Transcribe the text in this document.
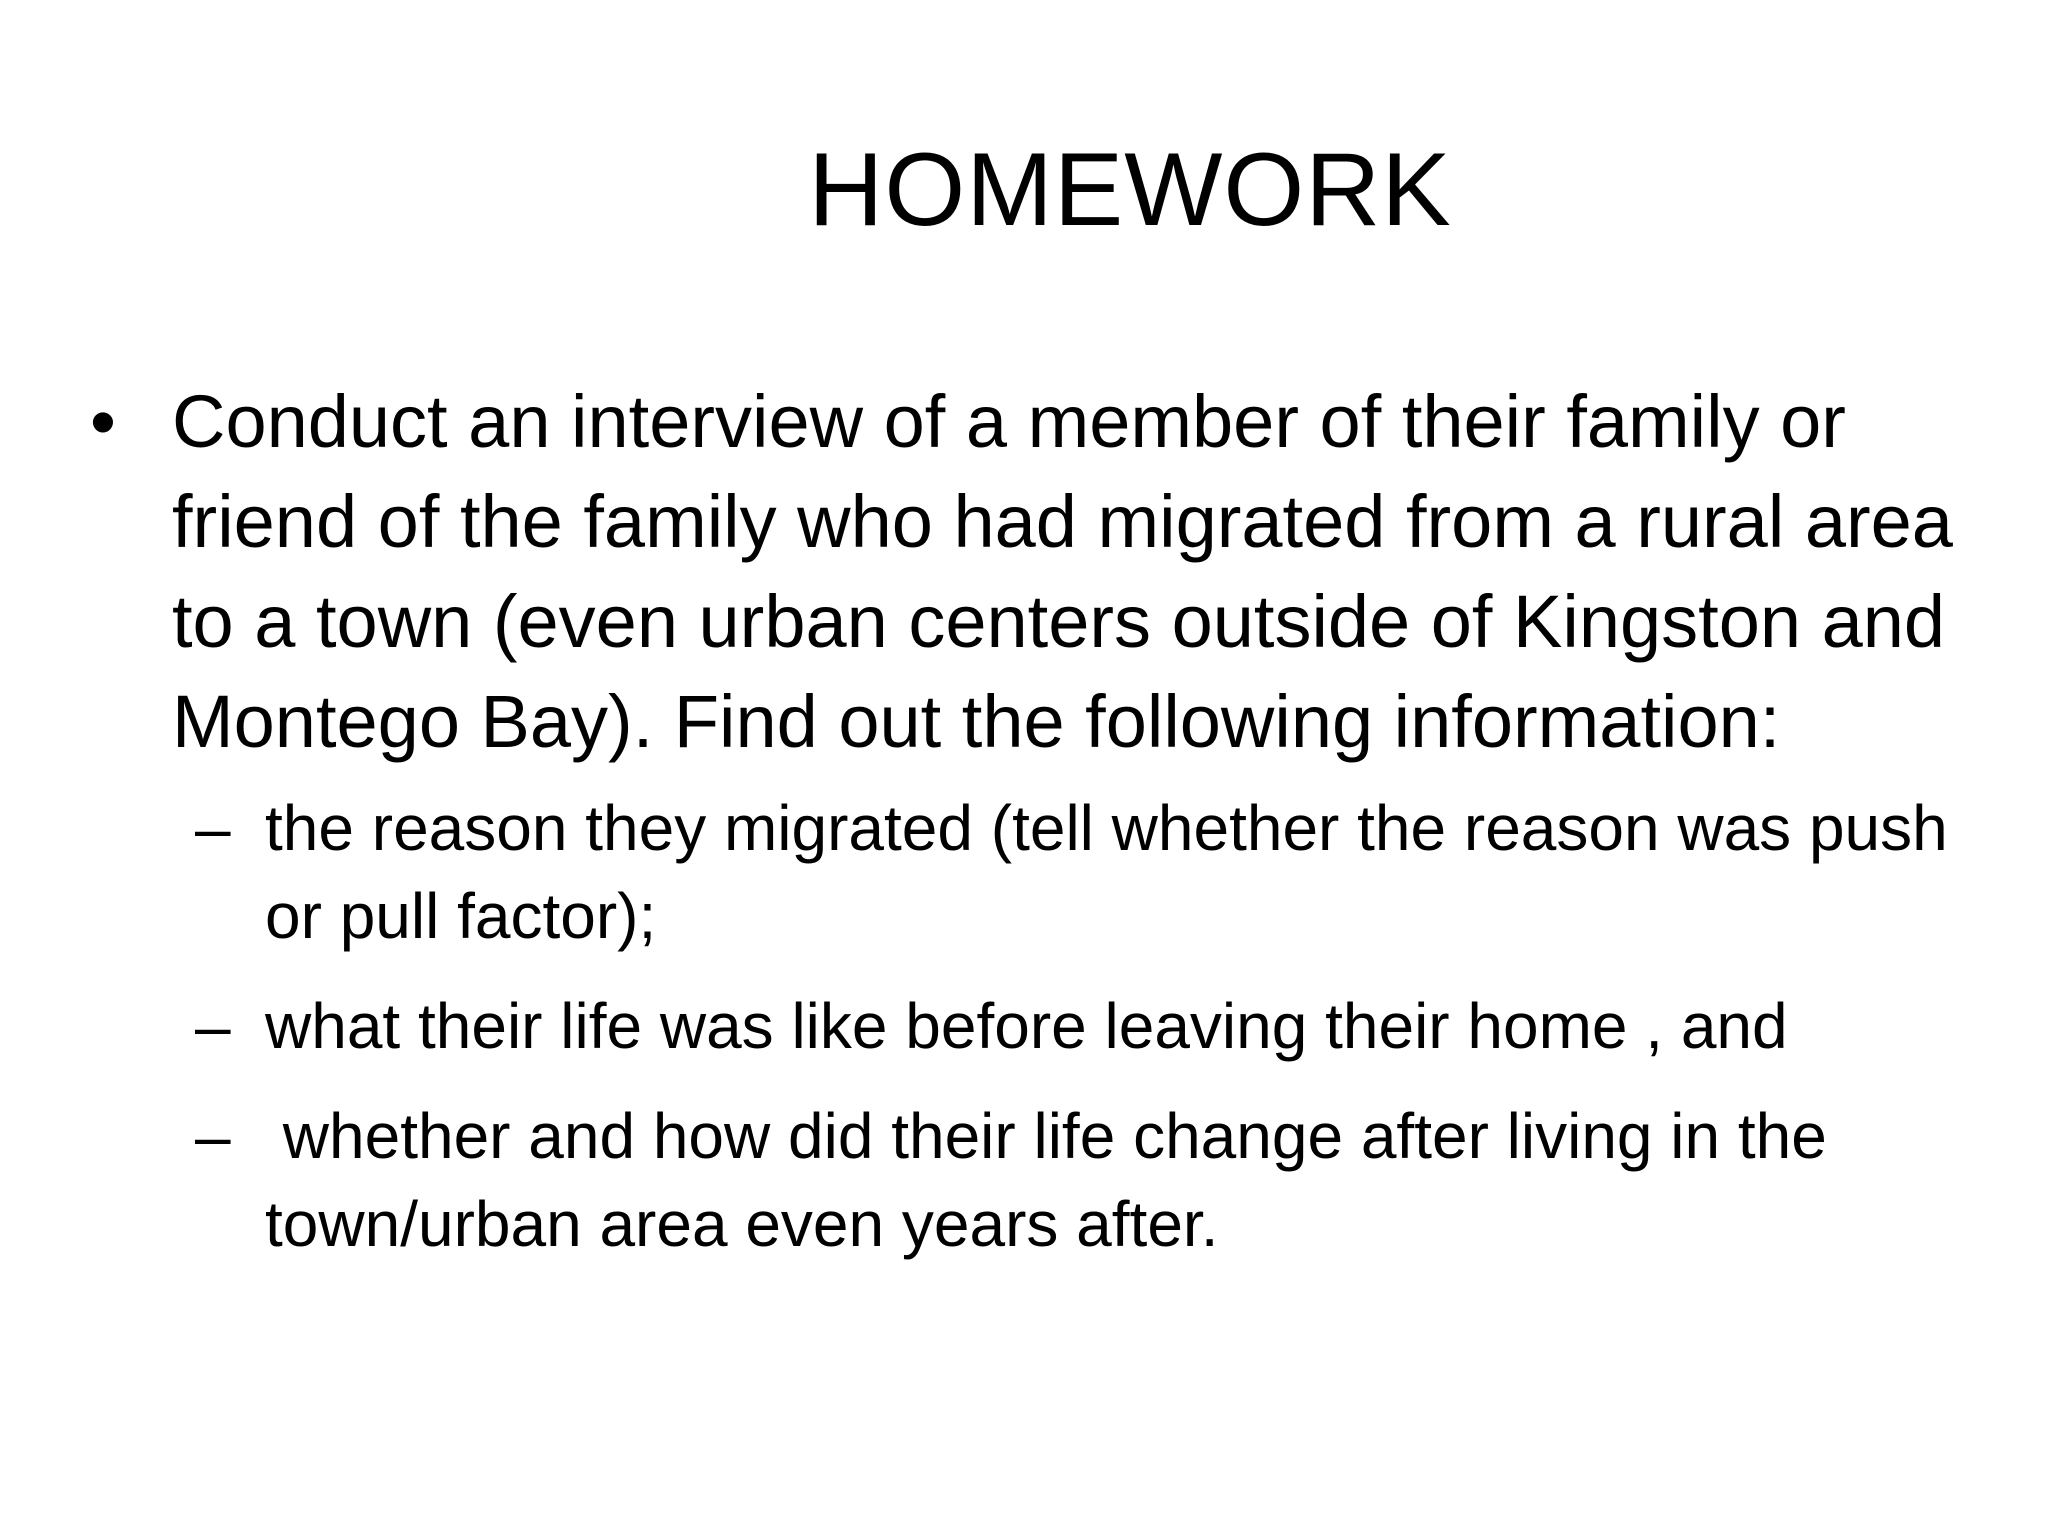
HOMEWORK
• Conduct an interview of a member of their family or friend of the family who had migrated from a rural area to a town (even urban centers outside of Kingston and Montego Bay). Find out the following information:
– the reason they migrated (tell whether the reason was push or pull factor);
– what their life was like before leaving their home , and
– whether and how did their life change after living in the town/urban area even years after.
